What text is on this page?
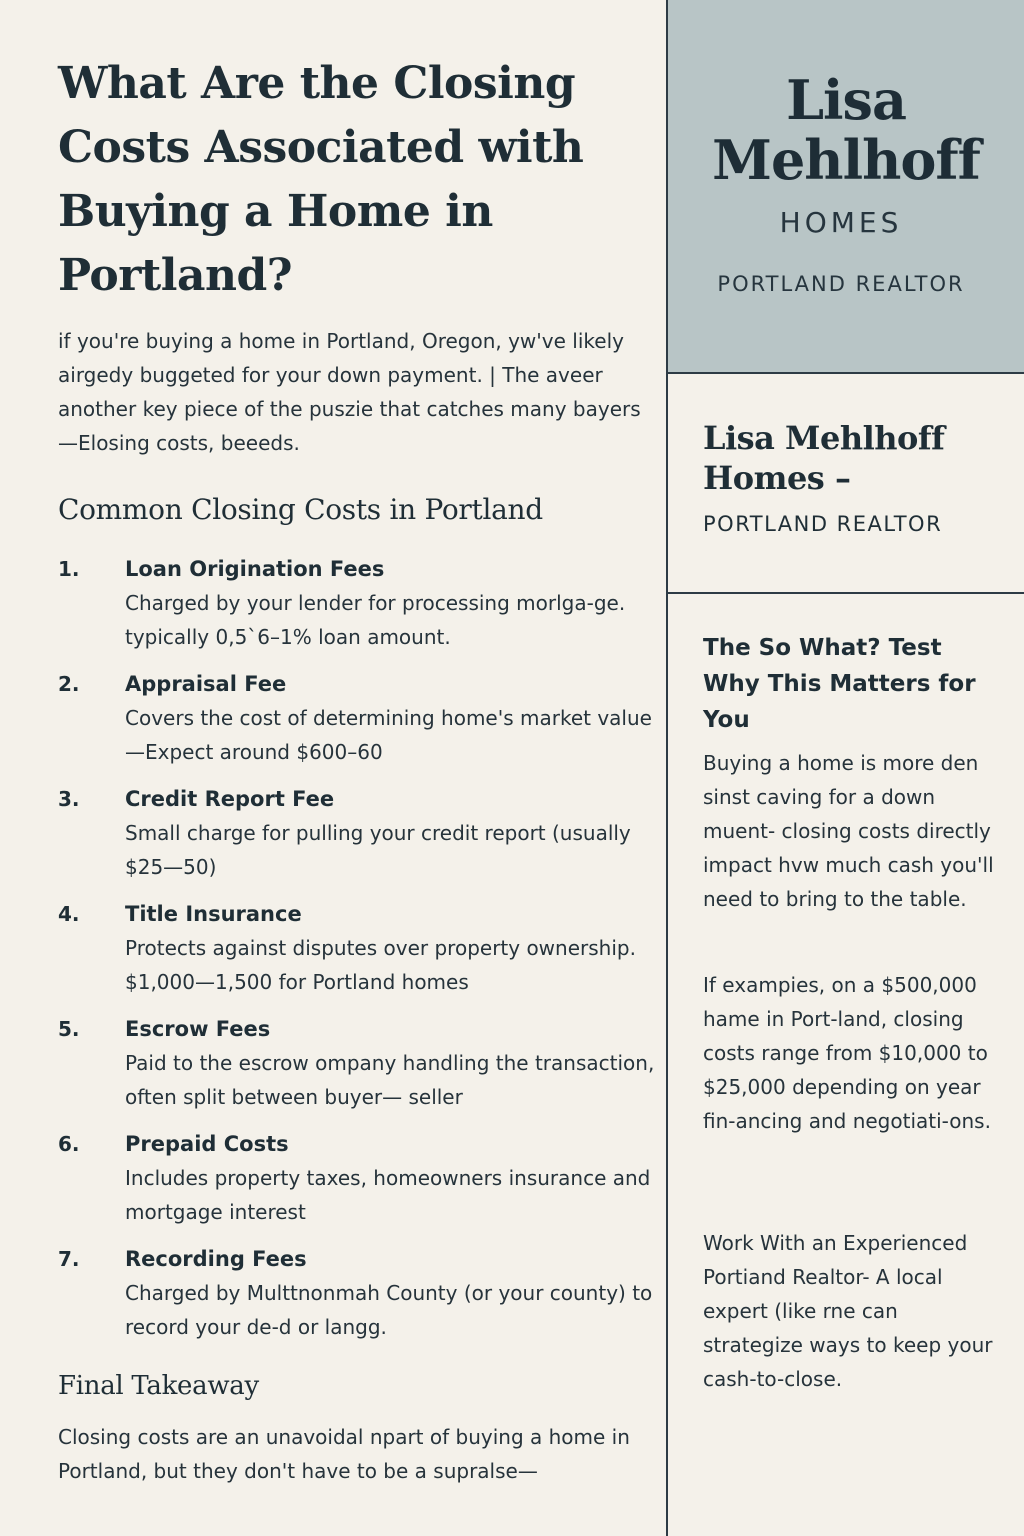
What Are the Closing Costs Associated with Buying a Home in Portland?

if you're buying a home in Portland, Oregon, yw've likely airgedy buggeted for your down payment. | The aveer another key piece of the puszie that catches many bayers—Elosing costs, beeeds.

Common Closing Costs in Portland
1. Loan Origination Fees
Charged by your lender for processing morlga-ge. typically 0,5`6–1% loan amount.
2. Appraisal Fee
Covers the cost of determining home's market value—Expect around $600–60
3. Credit Report Fee
Small charge for pulling your credit report (usually $25—50)
4. Title Insurance
Protects against disputes over property ownership. $1,000—1,500 for Portland homes
5. Escrow Fees
Paid to the escrow ompany handling the transaction, often split between buyer— seller
6. Prepaid Costs
Includes property taxes, homeowners insurance and mortgage interest
7. Recording Fees
Charged by Multtnonmah County (or your county) to record your de-d or langg.
Final Takeaway

Closing costs are an unavoidal npart of buying a home in Portland, but they don't have to be a supralse—

Lisa Mehlhoff
HOMES
PORTLAND REALTOR
Lisa Mehlhoff Homes –
PORTLAND REALTOR
The So What? Test Why This Matters for You

Buying a home is more den sinst caving for a down muent- closing costs directly impact hvw much cash you'll need to bring to the table.

If exampies, on a $500,000 hame in Port-land, closing costs range from $10,000 to $25,000 depending on year fin-ancing and negotiati-ons.

Work With an Experienced Portiand Realtor- A local expert (like rne can strategize ways to keep your cash-to-close.
